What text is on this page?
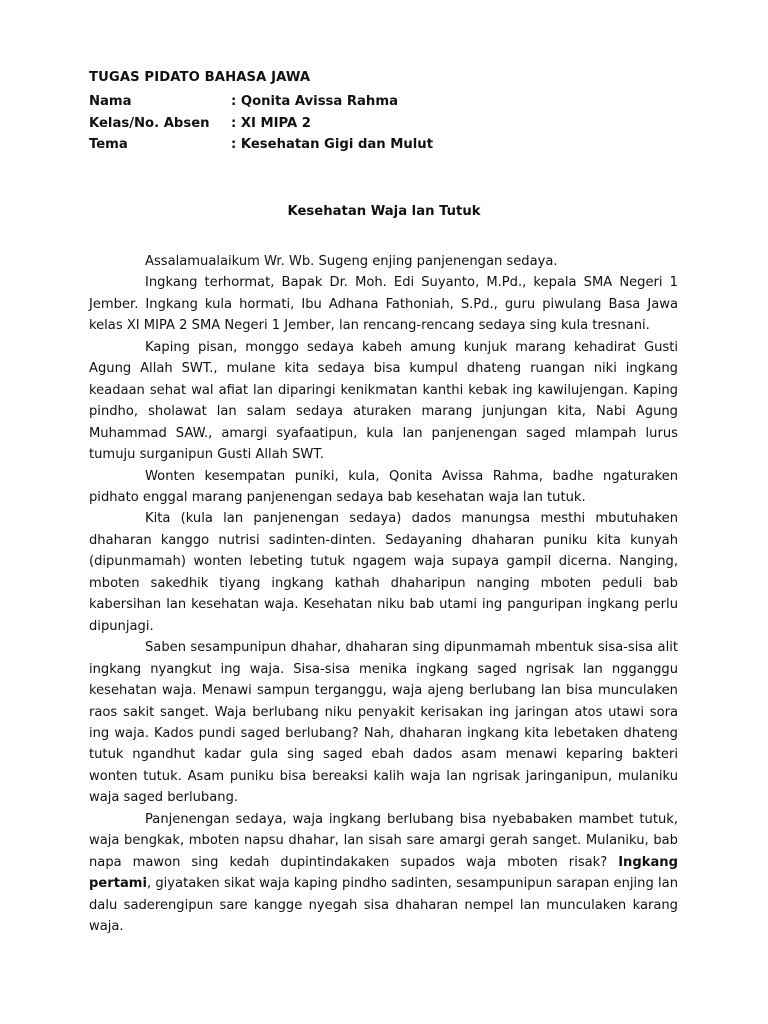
TUGAS PIDATO BAHASA JAWA
Nama	: Qonita Avissa Rahma
Kelas/No. Absen : XI MIPA 2
Tema	: Kesehatan Gigi dan Mulut
Kesehatan Waja lan Tutuk

Assalamualaikum Wr. Wb. Sugeng enjing panjenengan sedaya.

Ingkang terhormat, Bapak Dr. Moh. Edi Suyanto, M.Pd., kepala SMA Negeri 1 Jember. Ingkang kula hormati, Ibu Adhana Fathoniah, S.Pd., guru piwulang Basa Jawa kelas XI MIPA 2 SMA Negeri 1 Jember, lan rencang-rencang sedaya sing kula tresnani.

Kaping pisan, monggo sedaya kabeh amung kunjuk marang kehadirat Gusti Agung Allah SWT., mulane kita sedaya bisa kumpul dhateng ruangan niki ingkang keadaan sehat wal afiat lan diparingi kenikmatan kanthi kebak ing kawilujengan. Kaping pindho, sholawat lan salam sedaya aturaken marang junjungan kita, Nabi Agung Muhammad SAW., amargi syafaatipun, kula lan panjenengan saged mlampah lurus tumuju surganipun Gusti Allah SWT.

Wonten kesempatan puniki, kula, Qonita Avissa Rahma, badhe ngaturaken pidhato enggal marang panjenengan sedaya bab kesehatan waja lan tutuk.

Kita (kula lan panjenengan sedaya) dados manungsa mesthi mbutuhaken dhaharan kanggo nutrisi sadinten-dinten. Sedayaning dhaharan puniku kita kunyah (dipunmamah) wonten lebeting tutuk ngagem waja supaya gampil dicerna. Nanging, mboten sakedhik tiyang ingkang kathah dhaharipun nanging mboten peduli bab kabersihan lan kesehatan waja. Kesehatan niku bab utami ing panguripan ingkang perlu dipunjagi.

Saben sesampunipun dhahar, dhaharan sing dipunmamah mbentuk sisa-sisa alit ingkang nyangkut ing waja. Sisa-sisa menika ingkang saged ngrisak lan ngganggu kesehatan waja. Menawi sampun terganggu, waja ajeng berlubang lan bisa munculaken raos sakit sanget. Waja berlubang niku penyakit kerisakan ing jaringan atos utawi sora ing waja. Kados pundi saged berlubang? Nah, dhaharan ingkang kita lebetaken dhateng tutuk ngandhut kadar gula sing saged ebah dados asam menawi keparing bakteri wonten tutuk. Asam puniku bisa bereaksi kalih waja lan ngrisak jaringanipun, mulaniku waja saged berlubang.

Panjenengan sedaya, waja ingkang berlubang bisa nyebabaken mambet tutuk, waja bengkak, mboten napsu dhahar, lan sisah sare amargi gerah sanget. Mulaniku, bab napa mawon sing kedah dupintindakaken supados waja mboten risak? Ingkang pertami, giyataken sikat waja kaping pindho sadinten, sesampunipun sarapan enjing lan dalu saderengipun sare kangge nyegah sisa dhaharan nempel lan munculaken karang waja.
